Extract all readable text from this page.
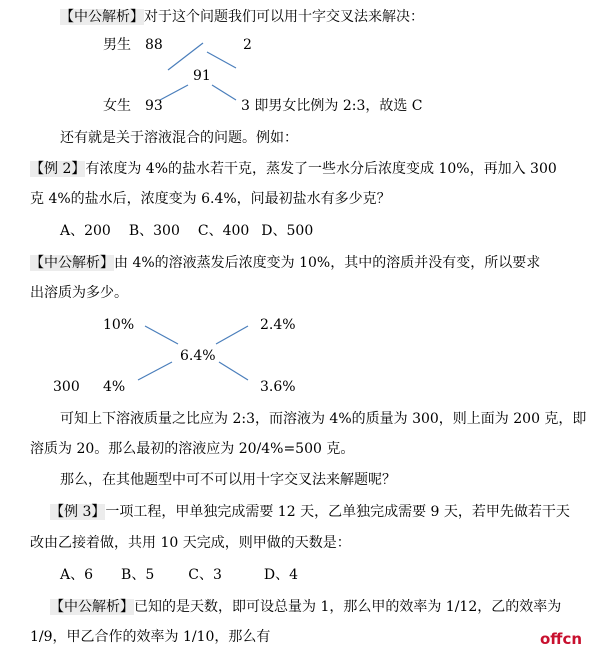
【中公解析】对于这个问题我们可以用十字交叉法来解决：
男生 88	2
91
女生 93	3 即男女比例为 2:3，故选 C
还有就是关于溶液混合的问题。例如：
【例 2】有浓度为 4%的盐水若干克，蒸发了一些水分后浓度变成 10%，再加入 300
克 4%的盐水后，浓度变为 6.4%，问最初盐水有多少克？
A、200 B、300 C、400 D、500
【中公解析】由 4%的溶液蒸发后浓度变为 10%，其中的溶质并没有变，所以要求
出溶质为多少。
10%	2.4%
6.4%
300 4%	3.6%
可知上下溶液质量之比应为 2:3，而溶液为 4%的质量为 300，则上面为 200 克，即
溶质为 20。那么最初的溶液应为 20/4%=500 克。
那么，在其他题型中可不可以用十字交叉法来解题呢？
【例 3】一项工程，甲单独完成需要 12 天，乙单独完成需要 9 天，若甲先做若干天
改由乙接着做，共用 10 天完成，则甲做的天数是：
A、6 B、5 C、3	D、4
【中公解析】已知的是天数，即可设总量为 1，那么甲的效率为 1/12，乙的效率为
1/9，甲乙合作的效率为 1/10，那么有	offcn
